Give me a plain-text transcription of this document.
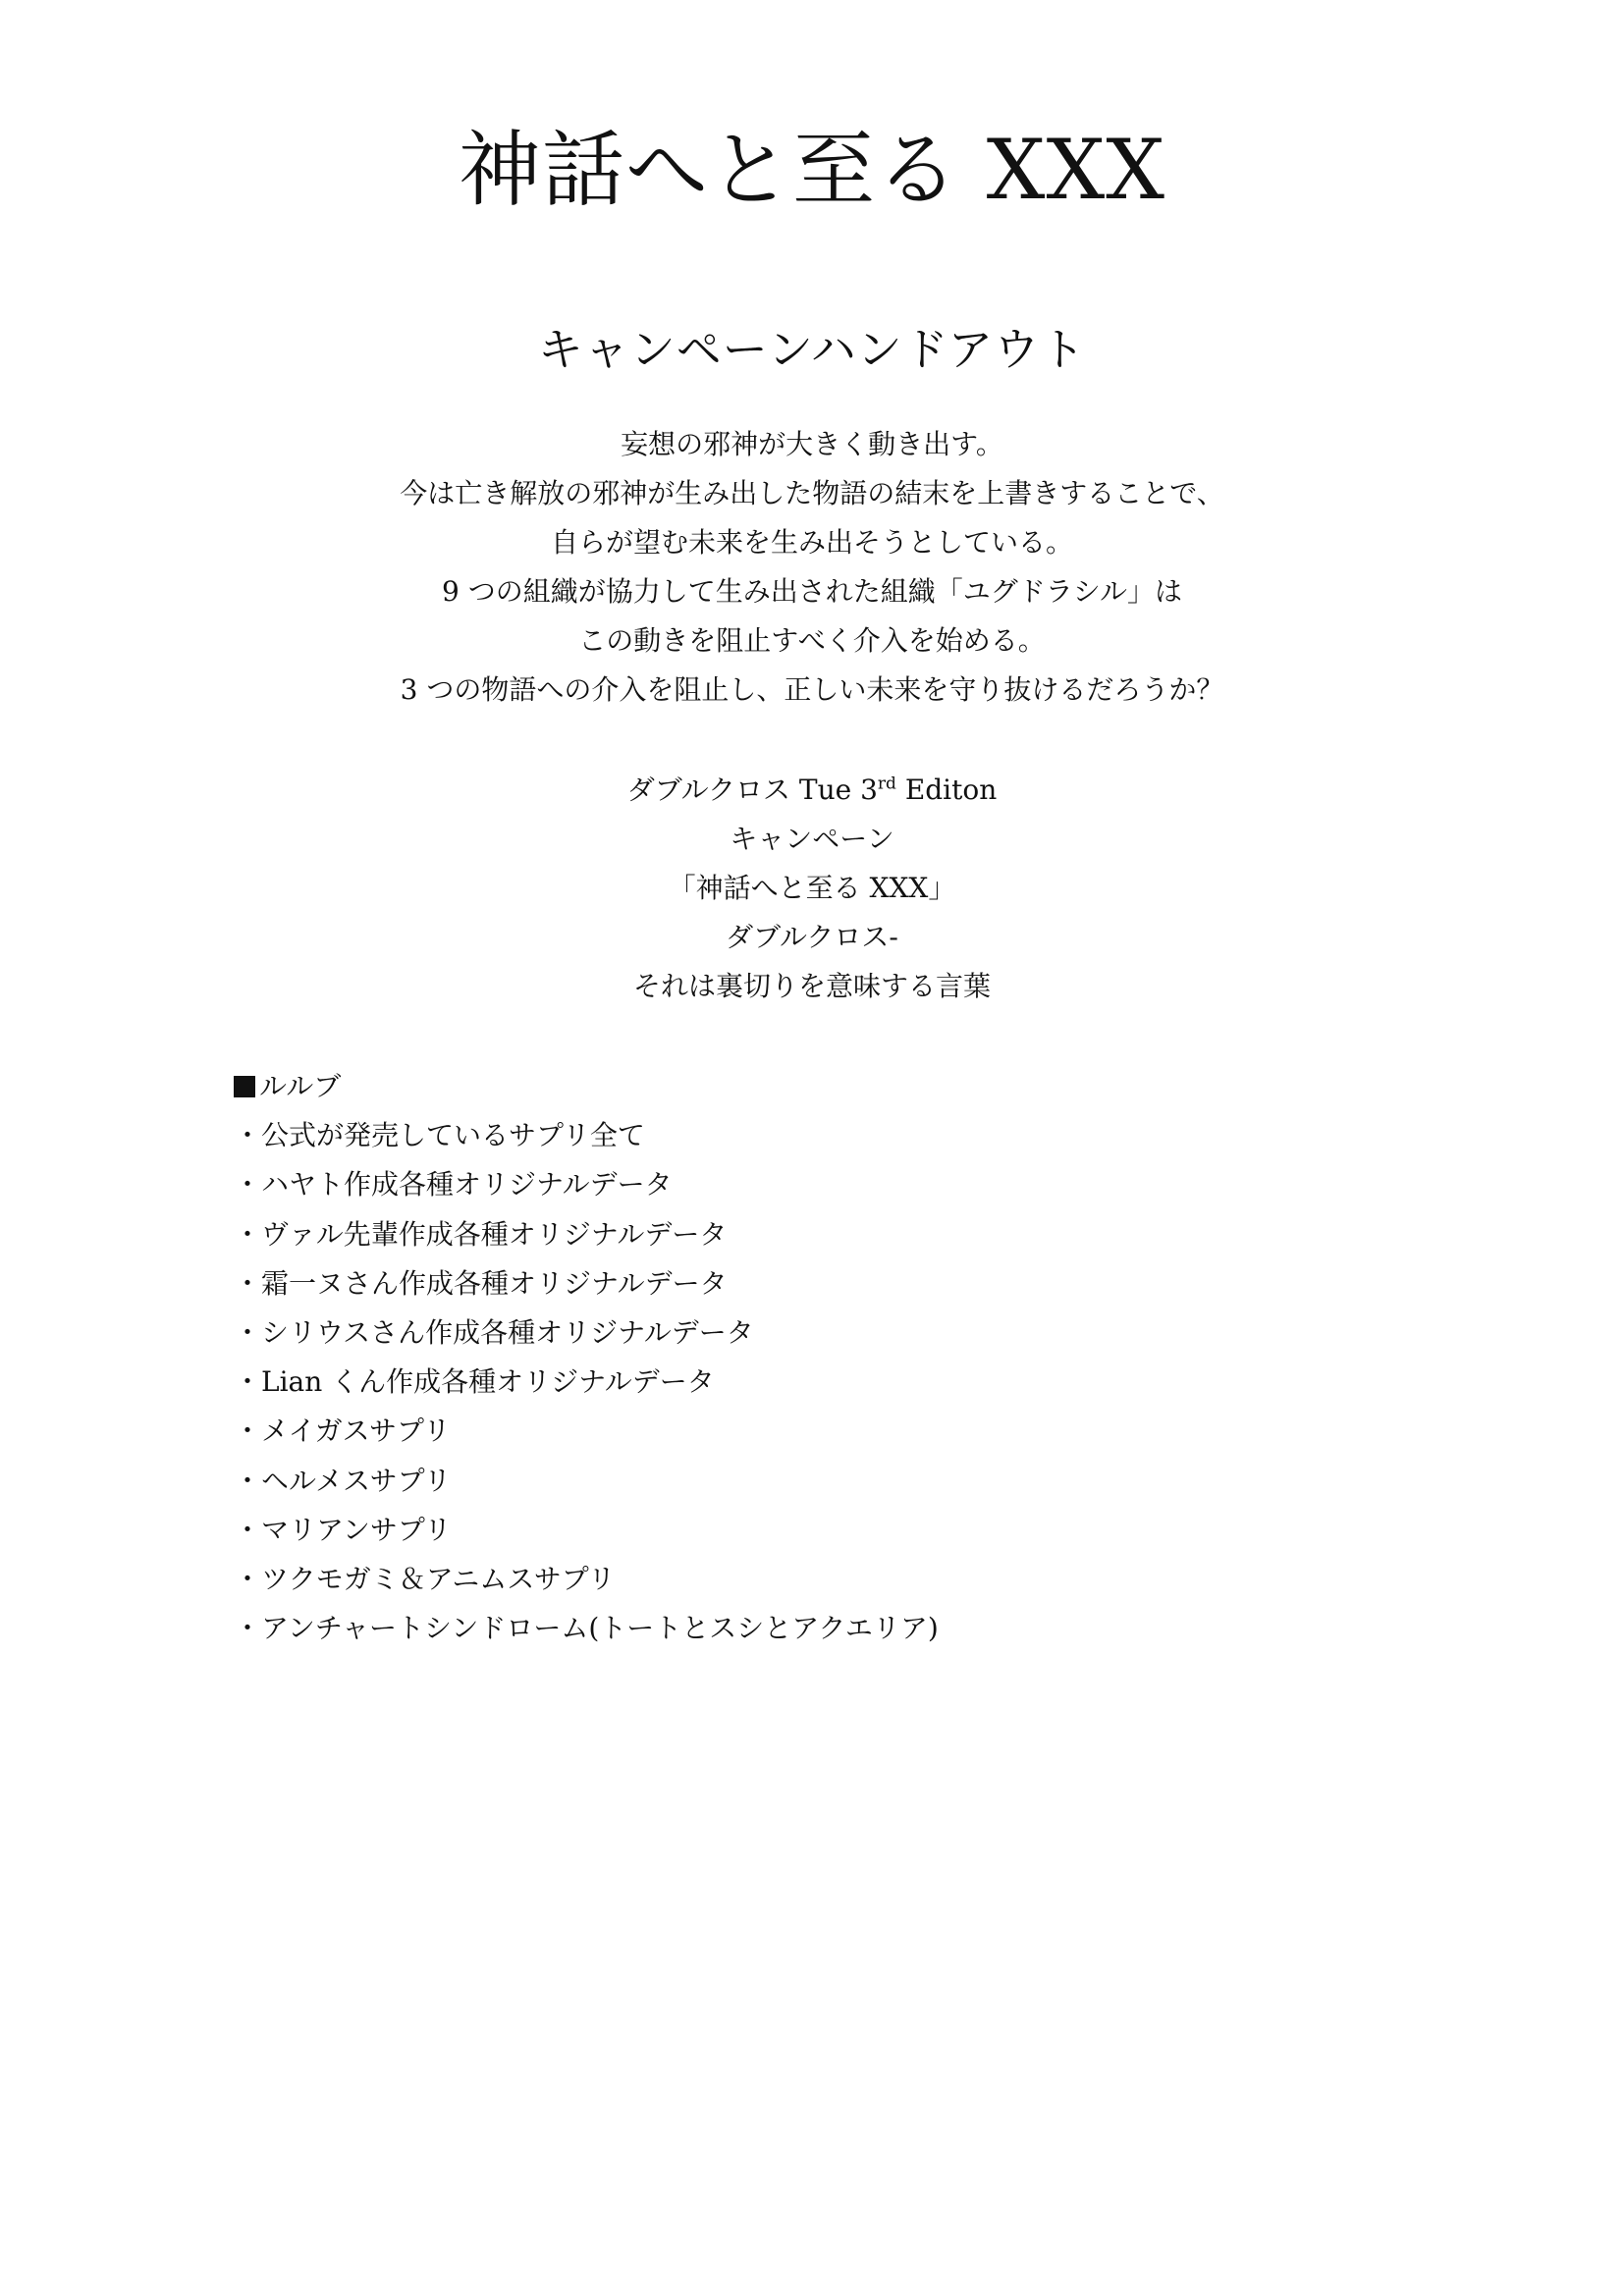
神話へと至る XXX
キャンペーンハンドアウト
妄想の邪神が大きく動き出す。
今は亡き解放の邪神が生み出した物語の結末を上書きすることで、
自らが望む未来を生み出そうとしている。
9 つの組織が協力して生み出された組織「ユグドラシル」は
この動きを阻止すべく介入を始める。
3 つの物語への介入を阻止し、正しい未来を守り抜けるだろうか？
ダブルクロス Tue 3rd Editon
キャンペーン
「神話へと至る XXX」
ダブルクロス-
それは裏切りを意味する言葉
ルルブ
・公式が発売しているサプリ全て
・ハヤト作成各種オリジナルデータ
・ヴァル先輩作成各種オリジナルデータ
・霜一ヌさん作成各種オリジナルデータ
・シリウスさん作成各種オリジナルデータ
・Lian くん作成各種オリジナルデータ
・メイガスサプリ
・ヘルメスサプリ
・マリアンサプリ
・ツクモガミ＆アニムスサプリ
・アンチャートシンドローム(トートとスシとアクエリア)
